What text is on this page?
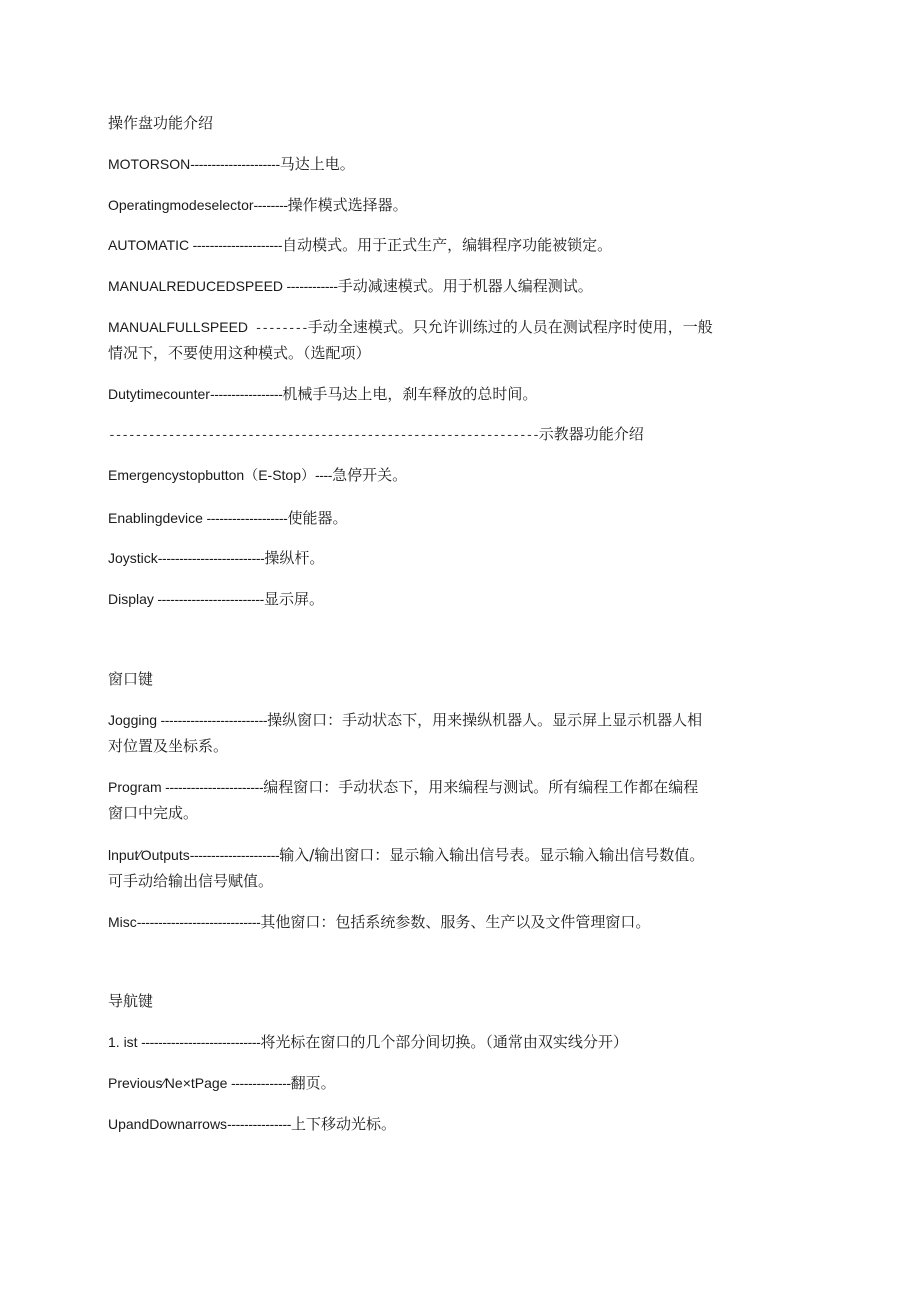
操作盘功能介绍
MOTORSON---------------------马达上电。
Operatingmodeselector--------操作模式选择器。
AUTOMATIC ---------------------自动模式。用于正式生产，编辑程序功能被锁定。
MANUALREDUCEDSPEED ------------手动减速模式。用于机器人编程测试。
MANUALFULLSPEED --------手动全速模式。只允许训练过的人员在测试程序时使用，一般
情况下，不要使用这种模式。（选配项）
Dutytimecounter-----------------机械手马达上电，刹车释放的总时间。
-----------------------------------------------------------------示教器功能介绍
Emergencystopbutton（E-Stop）----急停开关。
Enablingdevice -------------------使能器。
Joystick-------------------------操纵杆。
Display -------------------------显示屏。
窗口键
Jogging -------------------------操纵窗口：手动状态下，用来操纵机器人。显示屏上显示机器人相
对位置及坐标系。
Program -----------------------编程窗口：手动状态下，用来编程与测试。所有编程工作都在编程
窗口中完成。
lnput∕Outputs---------------------输入/输出窗口：显示输入输出信号表。显示输入输出信号数值。
可手动给输出信号赋值。
Misc-----------------------------其他窗口：包括系统参数、服务、生产以及文件管理窗口。
导航键
1. ist ----------------------------将光标在窗口的几个部分间切换。（通常由双实线分开）
Previous∕Ne×tPage --------------翻页。
UpandDownarrows---------------上下移动光标。
